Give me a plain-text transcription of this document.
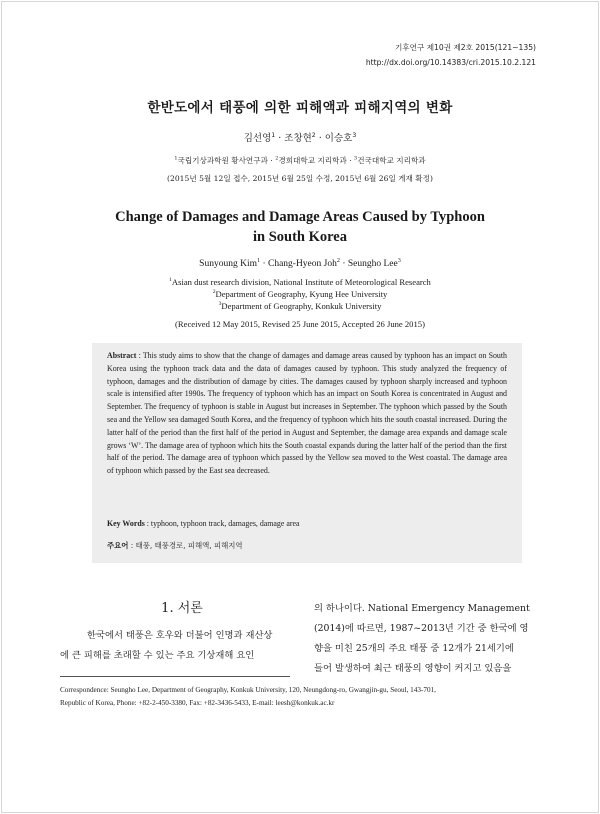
기후연구 제10권 제2호 2015(121~135)
http://dx.doi.org/10.14383/cri.2015.10.2.121
한반도에서 태풍에 의한 피해액과 피해지역의 변화
김선영$^1$ · 조창현$^2$ · 이승호$^3$
$^1$국립기상과학원 황사연구과 · $^2$경희대학교 지리학과 · $^3$건국대학교 지리학과
(2015년 5월 12일 접수, 2015년 6월 25일 수정, 2015년 6월 26일 게재 확정)
Change of Damages and Damage Areas Caused by Typhoon
in South Korea
Sunyoung Kim$^1$ · Chang-Hyeon Joh$^2$ · Seungho Lee$^3$
$^1$Asian dust research division, National Institute of Meteorological Research
$^2$Department of Geography, Kyung Hee University
$^3$Department of Geography, Konkuk University
(Received 12 May 2015, Revised 25 June 2015, Accepted 26 June 2015)
Abstract : This study aims to show that the change of damages and damage areas caused by typhoon has an impact on South Korea using the typhoon track data and the data of damages caused by typhoon. This study analyzed the frequency of typhoon, damages and the distribution of damage by cities. The damages caused by typhoon sharply increased and typhoon scale is intensified after 1990s. The frequency of typhoon which has an impact on South Korea is concentrated in August and September. The frequency of typhoon is stable in August but increases in September. The typhoon which passed by the South sea and the Yellow sea damaged South Korea, and the frequency of typhoon which hits the south coastal increased. During the latter half of the period than the first half of the period in August and September, the damage area expands and damage scale grows ‘W’. The damage area of typhoon which hits the South coastal expands during the latter half of the period than the first half of the period. The damage area of typhoon which passed by the Yellow sea moved to the West coastal. The damage area of typhoon which passed by the East sea decreased.
Key Words : typhoon, typhoon track, damages, damage area
주요어 : 태풍, 태풍경로, 피해액, 피해지역
1. 서론
한국에서 태풍은 호우와 더불어 인명과 재산상
에 큰 피해를 초래할 수 있는 주요 기상재해 요인
의 하나이다. National Emergency Management
(2014)에 따르면, 1987~2013년 기간 중 한국에 영
향을 미친 25개의 주요 태풍 중 12개가 21세기에
들어 발생하여 최근 태풍의 영향이 커지고 있음을
Correspondence: Seungho Lee, Department of Geography, Konkuk University, 120, Neungdong-ro, Gwangjin-gu, Seoul, 143-701,
Republic of Korea, Phone: +82-2-450-3380, Fax: +82-3436-5433, E-mail: leesh@konkuk.ac.kr
